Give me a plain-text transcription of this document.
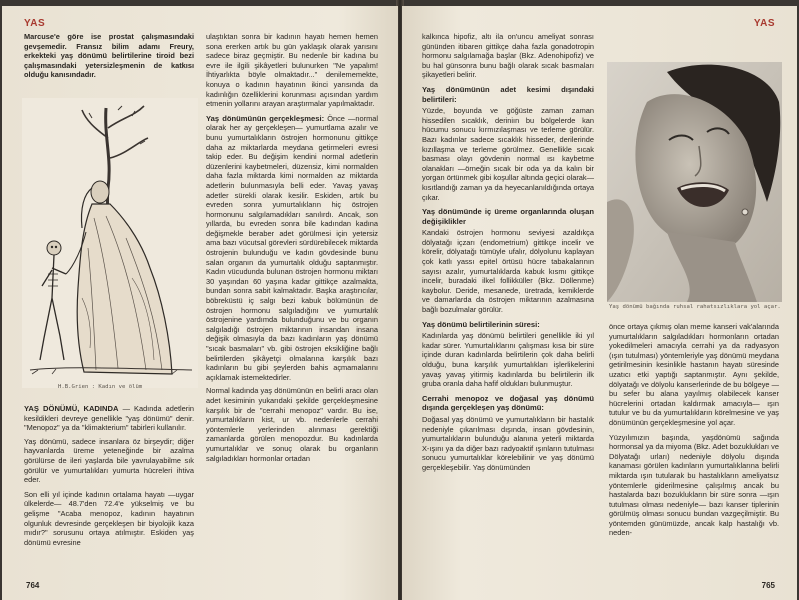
YAS

Marcuse'e göre ise prostat çalışmasındaki gevşemedir. Fransız bilim adamı Freury, erkekteki yaş dönümü belirtilerine tiroid bezi çalışmasındaki yetersizleşmenin de katkısı olduğu kanısındadır.

H.B.Grien : Kadın ve ölüm

YAŞ DÖNÜMÜ, KADINDA — Kadında adetlerin kesildikleri devreye genellikle "yaş dönümü" denir. "Menopoz" ya da "klimakterium" tabirleri kullanılır.

Yaş dönümü, sadece insanlara öz birşeydir; diğer hayvanlarda üreme yeteneğinde bir azalma görülürse de ileri yaşlarda bile yavrulayabilme sık görülür ve yumurtalıkları yumurta hücreleri ihtiva eder.

Son elli yıl içinde kadının ortalama hayatı —uygar ülkelerde— 48.7'den 72.4'e yükselmiş ve bu gelişme "Acaba menopoz, kadının hayatının olgunluk devresinde gerçekleşen bir biyolojik kaza mıdır?" sorusunu ortaya atılmıştır. Eskiden yaş dönümü evresine

ulaştıktan sonra bir kadının hayatı hemen hemen sona ererken artık bu gün yaklaşık olarak yarısını sadece biraz geçmiştir. Bu nedenle bir kadına bu evre ile ilgili şikâyetleri bulunurken "Ne yapalım! İhtiyarlıkta böyle olmaktadır..." denilememekte, konuya o kadının hayatının ikinci yarısında da kadınlığın özelliklerini korunması açısından yardım etmenin yollarını arayan araştırmalar yapılmaktadır.

Yaş dönümünün gerçekleşmesi: Önce —normal olarak her ay gerçekleşen— yumurtlama azalır ve bunu yumurtalıkların östrojen hormonunu gittikçe daha az miktarlarda meydana getirmeleri evresi takip eder. Bu değişim kendini normal adetlerin düzenlerini kaybetmeleri, düzensiz, kimi normalden daha fazla miktarda kimi normalden az miktarda adetlerin bulunmasıyla belli eder. Yavaş yavaş adetler sürekli olarak kesilir. Eskiden, artık bu evreden sonra yumurtalıkların hiç östrojen hormonunu salgılamadıkları sanılırdı. Ancak, son yıllarda, bu evreden sonra bile kadından kadına değişmekle beraber adet görülmesi için yetersiz ama bazı vücutsal görevleri sürdürebilecek miktarda östrojenin bulunduğu ve kadın gövdesinde bunu salan organın da yumurtalık olduğu saptanmıştır. Kadın vücudunda bulunan östrojen hormonu miktarı 30 yaşından 60 yaşına kadar gittikçe azalmakta, bundan sonra sabit kalmaktadır. Başka araştırıcılar, böbreküstü iç salgı bezi kabuk bölümünün de östrojen hormonu salgıladığını ve yumurtalık östrojenine yardımda bulunduğunu ve bu organın salgıladığı östrojen miktarının insandan insana değişik olmasıyla da bazı kadınların yaş dönümü "sıcak basmaları" vb. gibi östrojen eksikliğine bağlı belirtilerden şikâyetçi olmalarına karşılık bazı kadınların bu gibi şeylerden bahis açmamalarını açıklamak istemektedirler.

Normal kadında yaş dönümünün en belirli aracı olan adet kesiminin yukarıdaki şekilde gerçekleşmesine karşılık bir de "cerrahi menopoz" vardır. Bu ise, yumurtalıkların kist, ur vb. nedenlerle cerrahi yöntemlerle yerlerinden alınması gerektiği zamanlarda görülen menopozdur. Bu kadınlarda yumurtalıklar ve sonuç olarak bu organların salgıladıkları hormonlar ortadan

764
YAS

kalkınca hipofiz, altı ila on'uncu ameliyat sonrası gününden itibaren gittikçe daha fazla gonadotropin hormonu salgılamağa başlar (Bkz. Adenohipofiz) ve bu hal günsonra bunu bağlı olarak sıcak basmaları şikayetleri belirir.

Yaş dönümünün adet kesimi dışındaki belirtileri:

Yüzde, boyunda ve göğüste zaman zaman hissedilen sıcaklık, deriniın bu bölgelerde kan hücumu sonucu kırmızılaşması ve terleme görülür. Bazı kadınlar sadece sıcaklık hisseder, derilerinde kızıllaşma ve terleme görülmez. Genellikle sıcak basması olayı gövdenin normal ısı kaybetme olanakları —örneğin sıcak bir oda ya da kalın bir yorgan örtünmek gibi koşullar altında geçici olarak— kısıtlandığı zaman ya da heyecanlanıldığında ortaya çıkar.

Yaş dönümünde iç üreme organlarında oluşan değişiklikler

Kandaki östrojen hormonu seviyesi azaldıkça dölyatağı içzarı (endometrium) gittikçe incelir ve körelir, dölyatağı tümüyle ufalır, dölyolunu kaplayan çok katlı yassı epitel örtüsü hücre tabakalarının sayısı azalır, yumurtalıklarda kabuk kısmı gittikçe incelir, buradaki ilkel follikküller (Bkz. Döllenme) kaybolur. Deride, mesanede, üretrada, kemiklerde ve damarlarda da östrojen miktarının azalmasına bağlı bozulmalar görülür.

Yaş dönümü belirtilerinin süresi:

Kadınlarda yaş dönümü belirtileri genellikle iki yıl kadar sürer. Yumurtalıklarını çalışması kısa bir süre içinde duran kadınlarda belirtilerin çok daha belirli olduğu, buna karşılık yumurtalıkları işlerlikelerini yavaş yavaş yitirmiş kadınlarda bu belirtilerin ilk gruba oranla daha hafif oldukları bulunmuştur.

Cerrahi menopoz ve doğasal yaş dönümü dışında gerçekleşen yaş dönümü:

Doğasal yaş dönümü ve yumurtalıkların bir hastalık nedeniyle çıkarılması dışında, insan gövdesinin, yumurtalıkların bulunduğu alanına yeterli miktarda X-ışını ya da diğer bazı radyoaktif ışınların tutulması sonucu yumurtalıklar körelebilinir ve yaş dönümü gerçekleşebilir. Yaş dönümünden

Yaş dönümü bağında ruhsal rahatsızlıklara yol açar.

önce ortaya çıkmış olan meme kanseri vak'alarında yumurtalıkların salgıladıkları hormonların ortadan yokedilmeleri amacıyla cerrahi ya da radyasyon (ışın tutulması) yöntemleriyle yaş dönümü meydana getirilmesinin kesinlikle hastanın hayatı süresinde uzatıcı etki yaptığı saptanmıştır. Aynı şekilde, dölyatağı ve dölyolu kanserlerinde de bu bölgeye —bu sefer bu alana yayılmış olabilecek kanser hücrelerini ortadan kaldırmak amacıyla— ışın tutulur ve bu da yumurtalıkların körelmesine ve yaş dönümünün gerçekleşmesine yol açar.

Yüzyılımızın başında, yaşdönümü sağında hormonsal ya da miyoma (Bkz. Adet bozuklukları ve Dölyatağı urları) nedeniyle dölyolu dışında kanaması görülen kadınların yumurtalıklarına belirli miktarda ışın tutularak bu hastalıkların ameliyatsız yöntemlerle giderilmesine çalışılmış ancak bu hastalarda bazı bozuklukların bir süre sonra —ışın tutulması olması nedeniyle— bazı kanser tiplerinin görülmüş olması sonucu bundan vazgeçilmiştir. Bu yöntemden günümüzde, ancak kalp hastalığı vb. neden-

765
